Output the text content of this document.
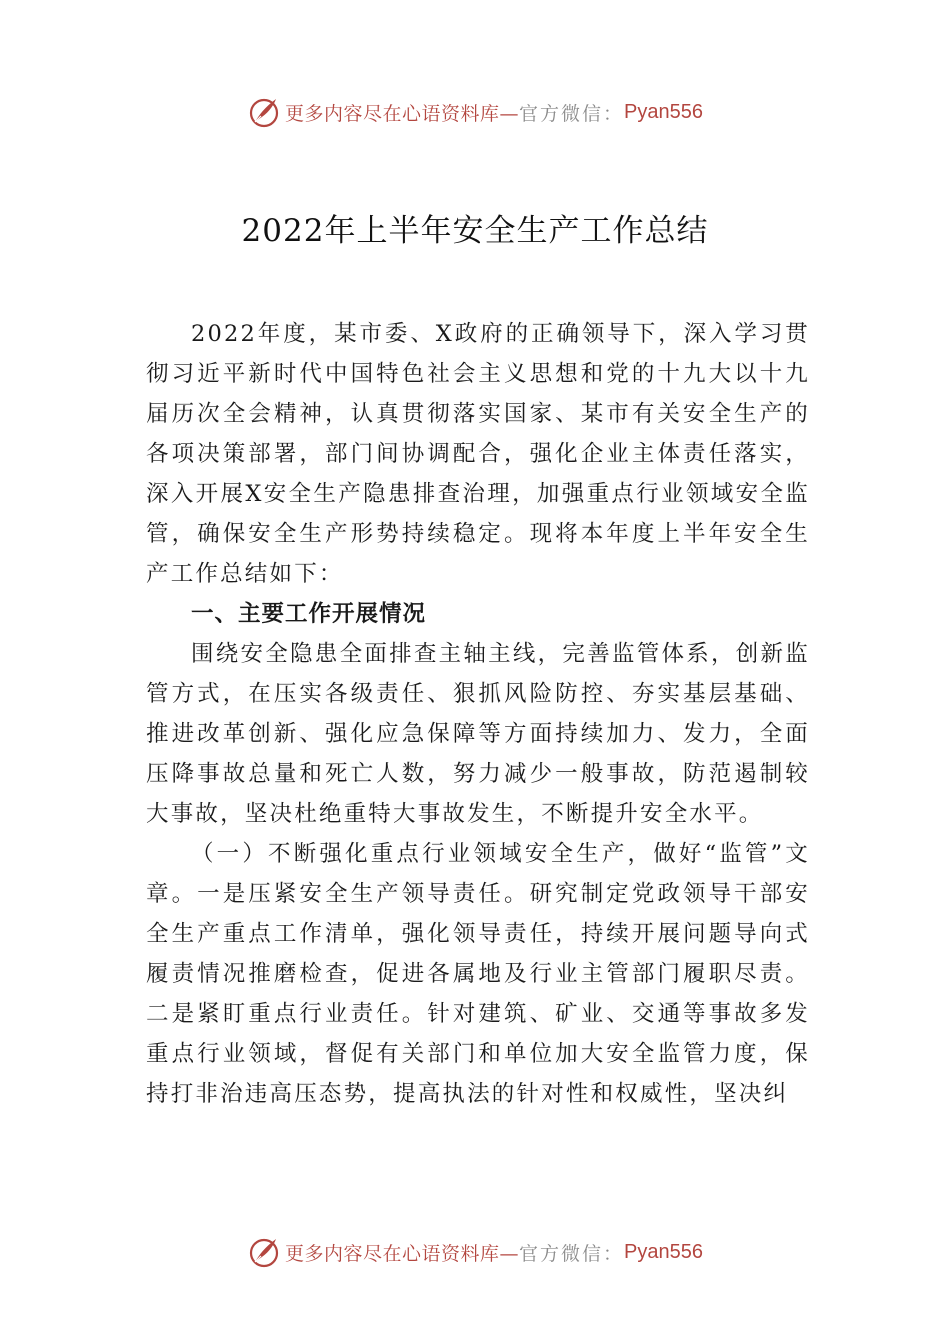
更多内容尽在心语资料库— 官方微信： Pyan556
2022年上半年安全生产工作总结

2022年度，某市委、X政府的正确领导下，深入学习贯彻习近平新时代中国特色社会主义思想和党的十九大以十九届历次全会精神，认真贯彻落实国家、某市有关安全生产的各项决策部署，部门间协调配合，强化企业主体责任落实，深入开展X安全生产隐患排查治理，加强重点行业领域安全监管，确保安全生产形势持续稳定。现将本年度上半年安全生产工作总结如下：

一、主要工作开展情况

围绕安全隐患全面排查主轴主线，完善监管体系，创新监管方式，在压实各级责任、狠抓风险防控、夯实基层基础、推进改革创新、强化应急保障等方面持续加力、发力，全面压降事故总量和死亡人数，努力减少一般事故，防范遏制较大事故，坚决杜绝重特大事故发生，不断提升安全水平。

（一）不断强化重点行业领域安全生产，做好“监管”文章。一是压紧安全生产领导责任。研究制定党政领导干部安全生产重点工作清单，强化领导责任，持续开展问题导向式履责情况推磨检查，促进各属地及行业主管部门履职尽责。二是紧盯重点行业责任。针对建筑、矿业、交通等事故多发重点行业领域，督促有关部门和单位加大安全监管力度，保持打非治违高压态势，提高执法的针对性和权威性，坚决纠

更多内容尽在心语资料库— 官方微信： Pyan556
